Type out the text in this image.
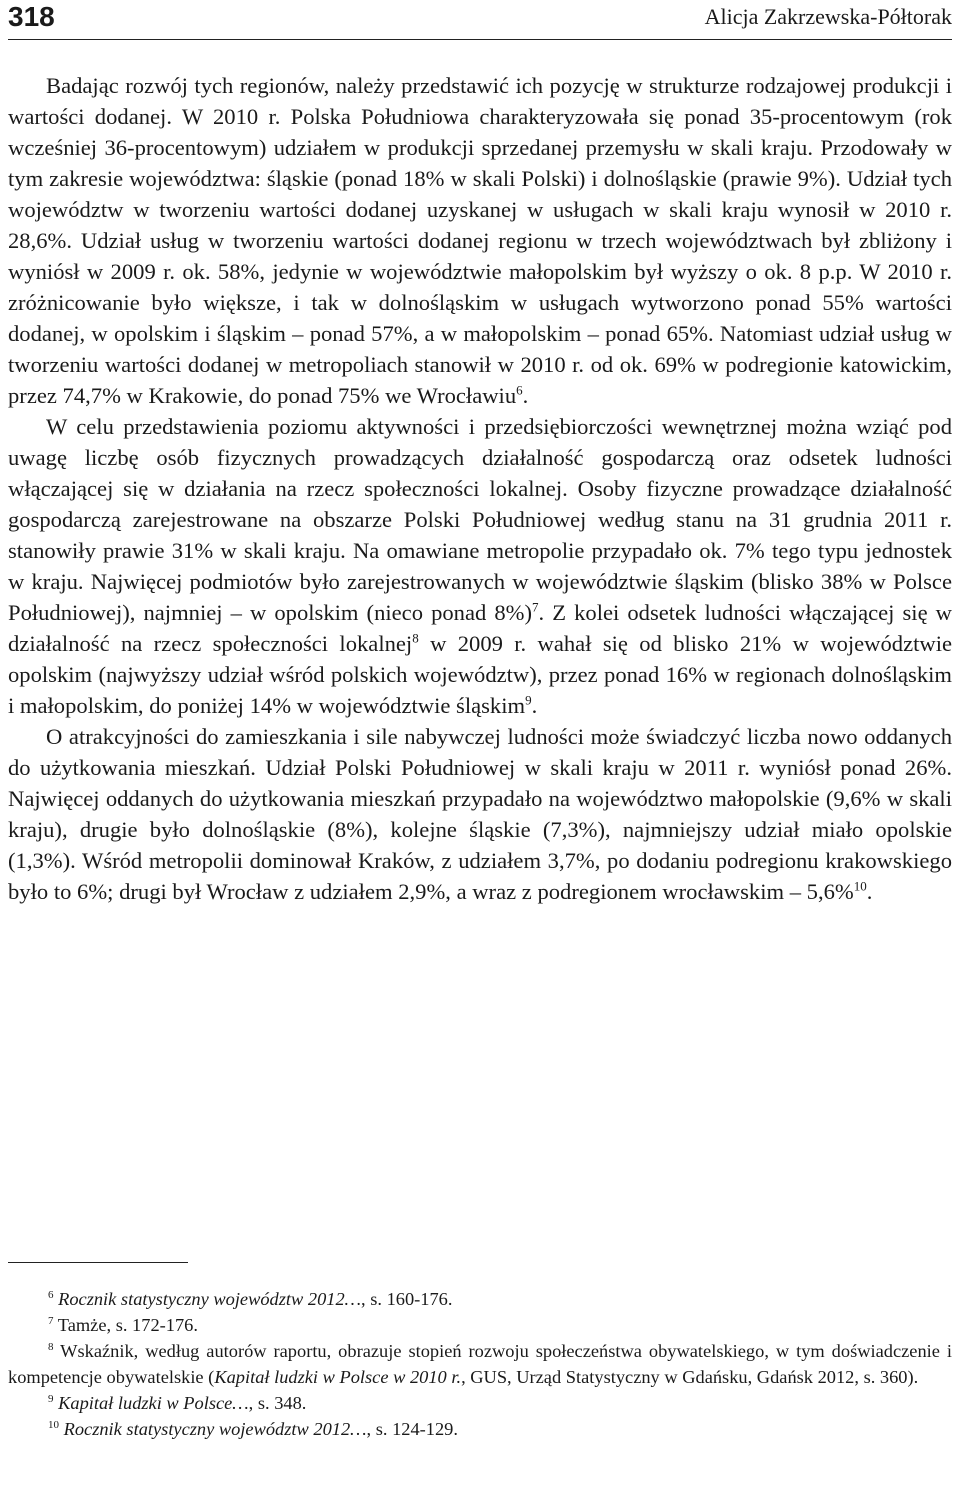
318	Alicja Zakrzewska-Półtorak

Badając rozwój tych regionów, należy przedstawić ich pozycję w strukturze rodzajowej produkcji i wartości dodanej. W 2010 r. Polska Południowa charakteryzowała się ponad 35-procentowym (rok wcześniej 36-procentowym) udziałem w produkcji sprzedanej przemysłu w skali kraju. Przodowały w tym zakresie województwa: śląskie (ponad 18% w skali Polski) i dolnośląskie (prawie 9%). Udział tych województw w tworzeniu wartości dodanej uzyskanej w usługach w skali kraju wynosił w 2010 r. 28,6%. Udział usług w tworzeniu wartości dodanej regionu w trzech województwach był zbliżony i wyniósł w 2009 r. ok. 58%, jedynie w województwie małopolskim był wyższy o ok. 8 p.p. W 2010 r. zróżnicowanie było większe, i tak w dolnośląskim w usługach wytworzono ponad 55% wartości dodanej, w opolskim i śląskim – ponad 57%, a w małopolskim – ponad 65%. Natomiast udział usług w tworzeniu wartości dodanej w metropoliach stanowił w 2010 r. od ok. 69% w podregionie katowickim, przez 74,7% w Krakowie, do ponad 75% we Wrocławiu$^6$.

W celu przedstawienia poziomu aktywności i przedsiębiorczości wewnętrznej można wziąć pod uwagę liczbę osób fizycznych prowadzących działalność gospodarczą oraz odsetek ludności włączającej się w działania na rzecz społeczności lokalnej. Osoby fizyczne prowadzące działalność gospodarczą zarejestrowane na obszarze Polski Południowej według stanu na 31 grudnia 2011 r. stanowiły prawie 31% w skali kraju. Na omawiane metropolie przypadało ok. 7% tego typu jednostek w kraju. Najwięcej podmiotów było zarejestrowanych w województwie śląskim (blisko 38% w Polsce Południowej), najmniej – w opolskim (nieco ponad 8%)$^7$. Z kolei odsetek ludności włączającej się w działalność na rzecz społeczności lokalnej$^8$ w 2009 r. wahał się od blisko 21% w województwie opolskim (najwyższy udział wśród polskich województw), przez ponad 16% w regionach dolnośląskim i małopolskim, do poniżej 14% w województwie śląskim$^9$.

O atrakcyjności do zamieszkania i sile nabywczej ludności może świadczyć liczba nowo oddanych do użytkowania mieszkań. Udział Polski Południowej w skali kraju w 2011 r. wyniósł ponad 26%. Najwięcej oddanych do użytkowania mieszkań przypadało na województwo małopolskie (9,6% w skali kraju), drugie było dolnośląskie (8%), kolejne śląskie (7,3%), najmniejszy udział miało opolskie (1,3%). Wśród metropolii dominował Kraków, z udziałem 3,7%, po dodaniu podregionu krakowskiego było to 6%; drugi był Wrocław z udziałem 2,9%, a wraz z podregionem wrocławskim – 5,6%$^{10}$.

$^6$ Rocznik statystyczny województw 2012…, s. 160-176.

$^7$ Tamże, s. 172-176.

$^8$ Wskaźnik, według autorów raportu, obrazuje stopień rozwoju społeczeństwa obywatelskiego, w tym doświadczenie i kompetencje obywatelskie (Kapitał ludzki w Polsce w 2010 r., GUS, Urząd Statystyczny w Gdańsku, Gdańsk 2012, s. 360).

$^9$ Kapitał ludzki w Polsce…, s. 348.

$^{10}$ Rocznik statystyczny województw 2012…, s. 124-129.
